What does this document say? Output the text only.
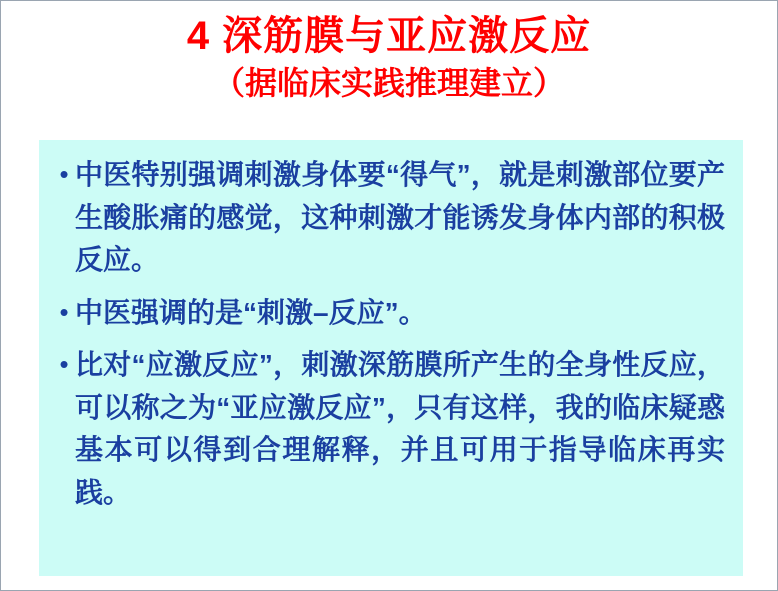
4 深筋膜与亚应激反应
（据临床实践推理建立）
• 中医特别强调刺激身体要“得气”，就是刺激部位要产生酸胀痛的感觉，这种刺激才能诱发身体内部的积极反应。
• 中医强调的是“刺激–反应”。
• 比对“应激反应”，刺激深筋膜所产生的全身性反应，可以称之为“亚应激反应”，只有这样，我的临床疑惑基本可以得到合理解释，并且可用于指导临床再实践。
